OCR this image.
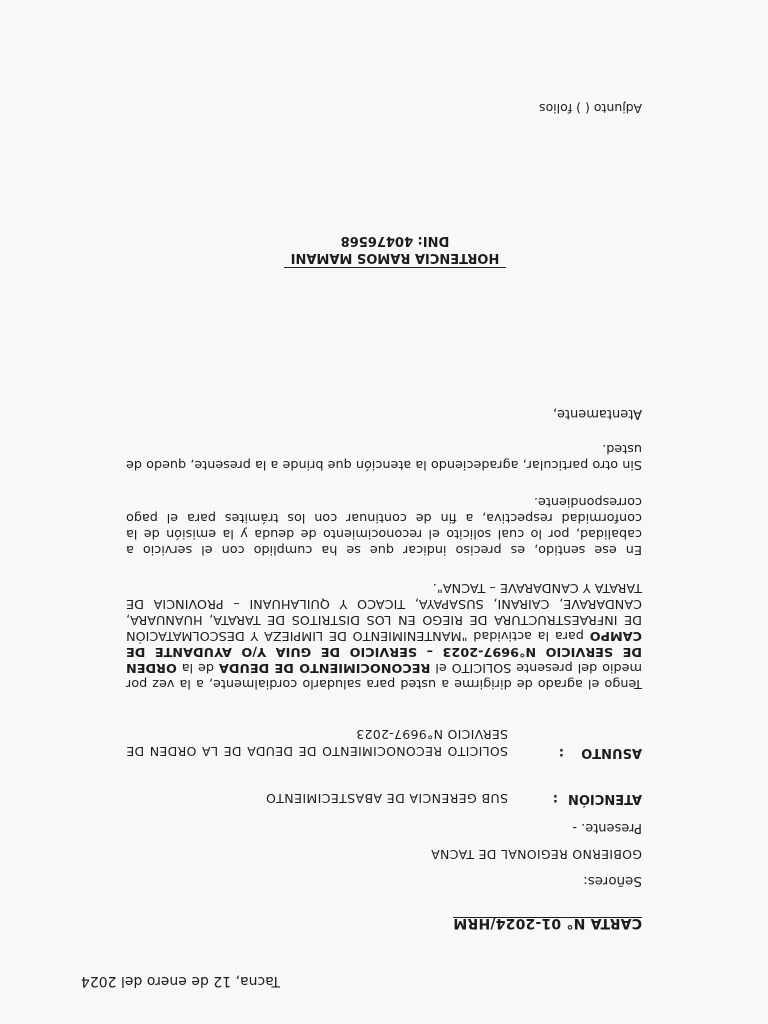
Tacna, 12 de enero del 2024
CARTA N° 01-2024/HRM
Señores:
GOBIERNO REGIONAL DE TACNA
Presente. -
ATENCIÓN
:
SUB GERENCIA DE ABASTECIMIENTO
ASUNTO
:
SOLICITO RECONOCIMIENTO DE DEUDA DE LA ORDEN DE SERVICIO N°9697-2023
Tengo el agrado de dirigirme a usted para saludarlo cordialmente, a la vez por medio del presente SOLICITO el RECONOCIMIENTO DE DEUDA de la ORDEN DE SERVICIO N°9697-2023 – SERVICIO DE GUIA Y/O AYUDANTE DE CAMPO para la actividad "MANTENIMIENTO DE LIMPIEZA Y DESCOLMATACIÓN DE INFRAESTRUCTURA DE RIEGO EN LOS DISTRITOS DE TARATA, HUANUARA, CANDARAVE, CAIRANI, SUSAPAYA, TICACO Y QUILAHUANI – PROVINCIA DE TARATA Y CANDARAVE – TACNA".
En ese sentido, es preciso indicar que se ha cumplido con el servicio a cabalidad, por lo cual solicito el reconocimiento de deuda y la emisión de la conformidad respectiva, a fin de continuar con los trámites para el pago correspondiente.
Sin otro particular, agradeciendo la atención que brinde a la presente, quedo de usted.
Atentamente,
HORTENCIA RAMOS MAMANI
DNI: 40476568
Adjunto ( ) folios
